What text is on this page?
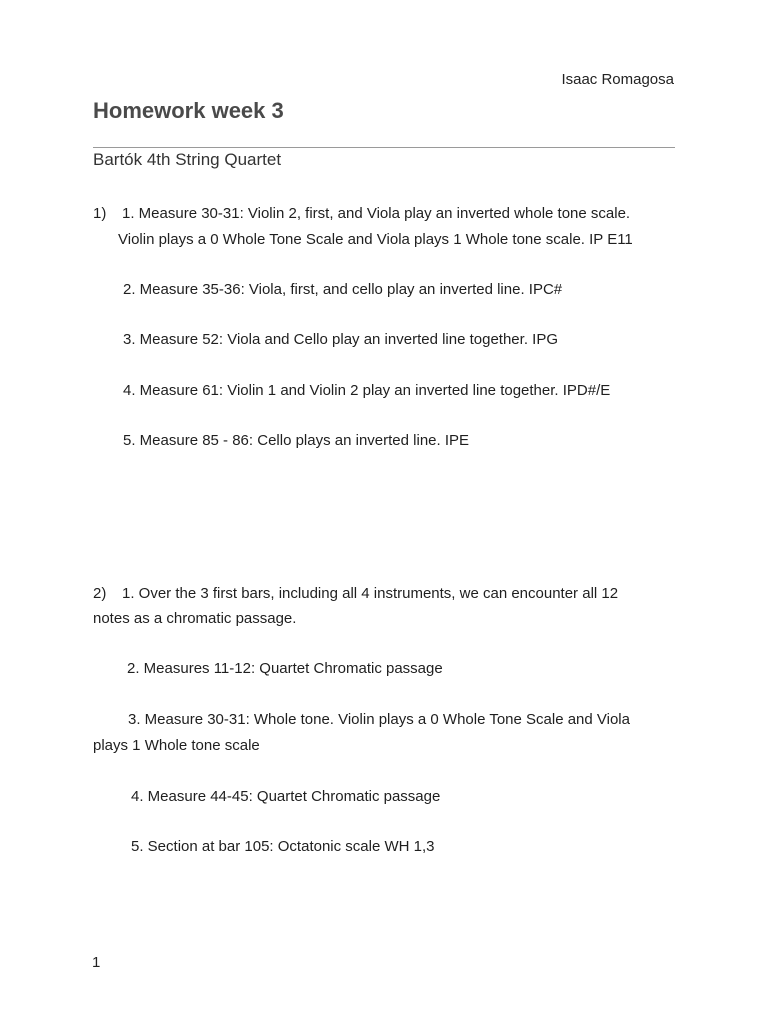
Isaac Romagosa
Homework week 3
Bartók 4th String Quartet
1) 1. Measure 30-31: Violin 2, first, and Viola play an inverted whole tone scale.
Violin plays a 0 Whole Tone Scale and Viola plays 1 Whole tone scale. IP E11
2. Measure 35-36: Viola, first, and cello play an inverted line. IPC#
3. Measure 52: Viola and Cello play an inverted line together. IPG
4. Measure 61: Violin 1 and Violin 2 play an inverted line together. IPD#/E
5. Measure 85 - 86: Cello plays an inverted line. IPE
2) 1. Over the 3 first bars, including all 4 instruments, we can encounter all 12
notes as a chromatic passage.
2. Measures 11-12: Quartet Chromatic passage
3. Measure 30-31: Whole tone. Violin plays a 0 Whole Tone Scale and Viola
plays 1 Whole tone scale
4. Measure 44-45: Quartet Chromatic passage
5. Section at bar 105: Octatonic scale WH 1,3
1
